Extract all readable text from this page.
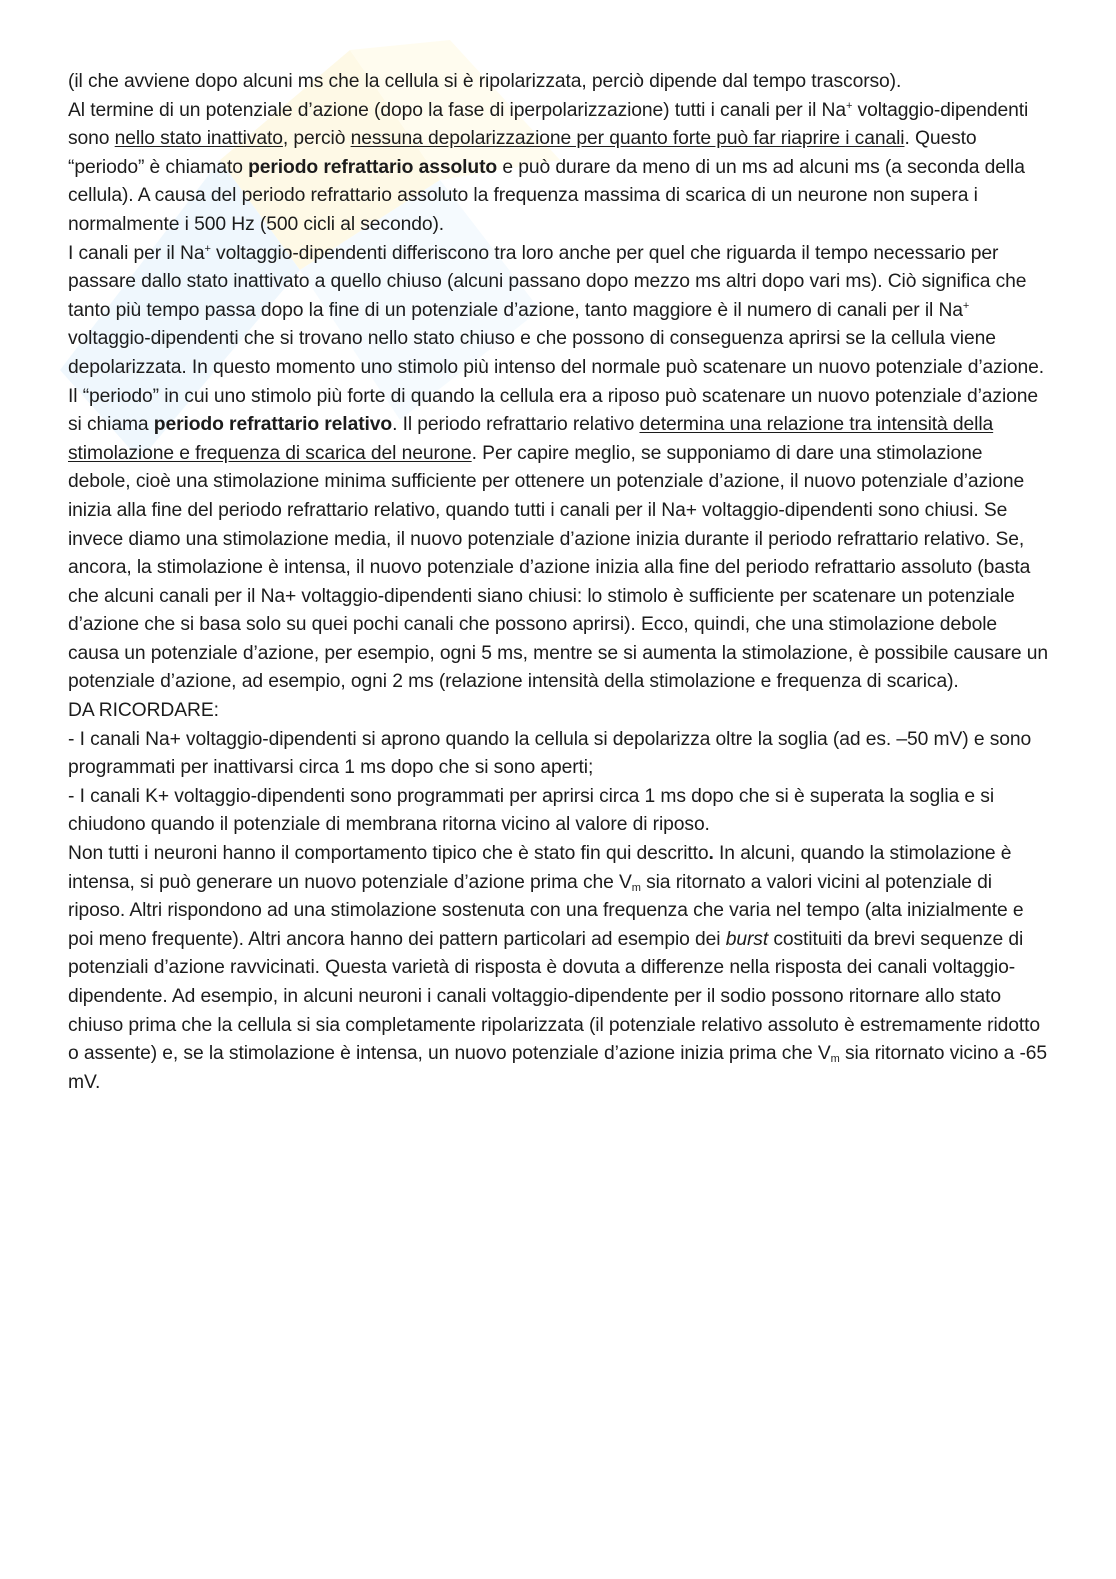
(il che avviene dopo alcuni ms che la cellula si è ripolarizzata, perciò dipende dal tempo trascorso).

Al termine di un potenziale d’azione (dopo la fase di iperpolarizzazione) tutti i canali per il Na+ voltaggio-dipendenti sono nello stato inattivato, perciò nessuna depolarizzazione per quanto forte può far riaprire i canali. Questo “periodo” è chiamato periodo refrattario assoluto e può durare da meno di un ms ad alcuni ms (a seconda della cellula). A causa del periodo refrattario assoluto la frequenza massima di scarica di un neurone non supera i normalmente i 500 Hz (500 cicli al secondo).

I canali per il Na+ voltaggio-dipendenti differiscono tra loro anche per quel che riguarda il tempo necessario per passare dallo stato inattivato a quello chiuso (alcuni passano dopo mezzo ms altri dopo vari ms). Ciò significa che tanto più tempo passa dopo la fine di un potenziale d’azione, tanto maggiore è il numero di canali per il Na+ voltaggio-dipendenti che si trovano nello stato chiuso e che possono di conseguenza aprirsi se la cellula viene depolarizzata. In questo momento uno stimolo più intenso del normale può scatenare un nuovo potenziale d’azione. Il “periodo” in cui uno stimolo più forte di quando la cellula era a riposo può scatenare un nuovo potenziale d’azione si chiama periodo refrattario relativo. Il periodo refrattario relativo determina una relazione tra intensità della stimolazione e frequenza di scarica del neurone. Per capire meglio, se supponiamo di dare una stimolazione debole, cioè una stimolazione minima sufficiente per ottenere un potenziale d’azione, il nuovo potenziale d’azione inizia alla fine del periodo refrattario relativo, quando tutti i canali per il Na+ voltaggio-dipendenti sono chiusi. Se invece diamo una stimolazione media, il nuovo potenziale d’azione inizia durante il periodo refrattario relativo. Se, ancora, la stimolazione è intensa, il nuovo potenziale d’azione inizia alla fine del periodo refrattario assoluto (basta che alcuni canali per il Na+ voltaggio-dipendenti siano chiusi: lo stimolo è sufficiente per scatenare un potenziale d’azione che si basa solo su quei pochi canali che possono aprirsi). Ecco, quindi, che una stimolazione debole causa un potenziale d’azione, per esempio, ogni 5 ms, mentre se si aumenta la stimolazione, è possibile causare un potenziale d’azione, ad esempio, ogni 2 ms (relazione intensità della stimolazione e frequenza di scarica).

DA RICORDARE:

- I canali Na+ voltaggio-dipendenti si aprono quando la cellula si depolarizza oltre la soglia (ad es. –50 mV) e sono programmati per inattivarsi circa 1 ms dopo che si sono aperti;

- I canali K+ voltaggio-dipendenti sono programmati per aprirsi circa 1 ms dopo che si è superata la soglia e si chiudono quando il potenziale di membrana ritorna vicino al valore di riposo.

Non tutti i neuroni hanno il comportamento tipico che è stato fin qui descritto. In alcuni, quando la stimolazione è intensa, si può generare un nuovo potenziale d’azione prima che $V_m$ sia ritornato a valori vicini al potenziale di riposo. Altri rispondono ad una stimolazione sostenuta con una frequenza che varia nel tempo (alta inizialmente e poi meno frequente). Altri ancora hanno dei pattern particolari ad esempio dei burst costituiti da brevi sequenze di potenziali d’azione ravvicinati. Questa varietà di risposta è dovuta a differenze nella risposta dei canali voltaggio-dipendente. Ad esempio, in alcuni neuroni i canali voltaggio-dipendente per il sodio possono ritornare allo stato chiuso prima che la cellula si sia completamente ripolarizzata (il potenziale relativo assoluto è estremamente ridotto o assente) e, se la stimolazione è intensa, un nuovo potenziale d’azione inizia prima che $V_m$ sia ritornato vicino a -65 mV.
